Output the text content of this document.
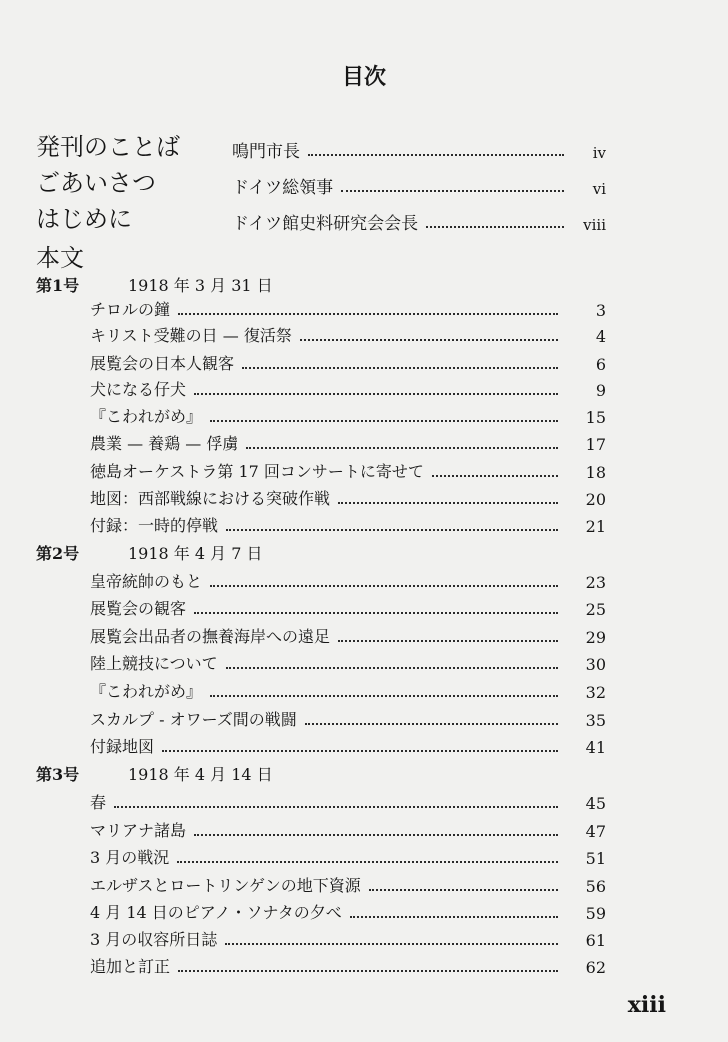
目次
発刊のことば	鳴門市長	iv
ごあいさつ	ドイツ総領事	vi
はじめに	ドイツ館史料研究会会長	viii
本文
第1号	1918 年 3 月 31 日
チロルの鐘	3
キリスト受難の日 — 復活祭	4
展覧会の日本人観客	6
犬になる仔犬	9
『こわれがめ』	15
農業 — 養鶏 — 俘虜	17
徳島オーケストラ第 17 回コンサートに寄せて	18
地図：西部戦線における突破作戦	20
付録：一時的停戦	21
第2号	1918 年 4 月 7 日
皇帝統帥のもと	23
展覧会の観客	25
展覧会出品者の撫養海岸への遠足	29
陸上競技について	30
『こわれがめ』	32
スカルプ - オワーズ間の戦闘	35
付録地図	41
第3号	1918 年 4 月 14 日
春	45
マリアナ諸島	47
3 月の戦況	51
エルザスとロートリンゲンの地下資源	56
4 月 14 日のピアノ・ソナタの夕べ	59
3 月の収容所日誌	61
追加と訂正	62
xiii
